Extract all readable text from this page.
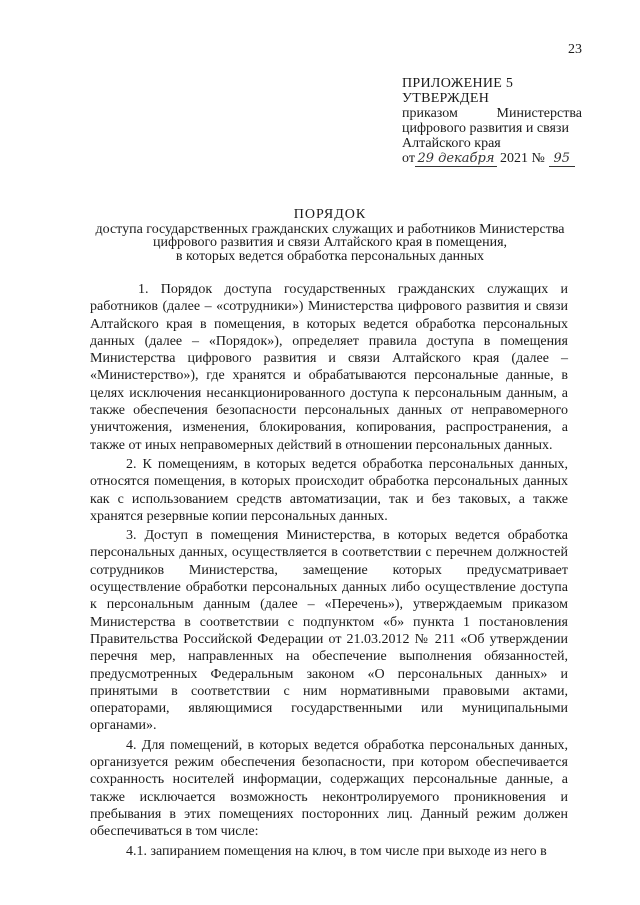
23
ПРИЛОЖЕНИЕ 5
УТВЕРЖДЕН
приказом Министерства
цифрового развития и связи
Алтайского края
от 29 декабря 2021 № 95
ПОРЯДОК
доступа государственных гражданских служащих и работников Министерства
цифрового развития и связи Алтайского края в помещения,
в которых ведется обработка персональных данных

1. Порядок доступа государственных гражданских служащих и работников (далее – «сотрудники») Министерства цифрового развития и связи Алтайского края в помещения, в которых ведется обработка персональных данных (далее – «Порядок»), определяет правила доступа в помещения Министерства цифрового развития и связи Алтайского края (далее – «Министерство»), где хранятся и обрабатываются персональные данные, в целях исключения несанкционированного доступа к персональным данным, а также обеспечения безопасности персональных данных от неправомерного уничтожения, изменения, блокирования, копирования, распространения, а также от иных неправомерных действий в отношении персональных данных.

2. К помещениям, в которых ведется обработка персональных данных, относятся помещения, в которых происходит обработка персональных данных как с использованием средств автоматизации, так и без таковых, а также хранятся резервные копии персональных данных.

3. Доступ в помещения Министерства, в которых ведется обработка персональных данных, осуществляется в соответствии с перечнем должностей сотрудников Министерства, замещение которых предусматривает осуществление обработки персональных данных либо осуществление доступа к персональным данным (далее – «Перечень»), утверждаемым приказом Министерства в соответствии с подпунктом «б» пункта 1 постановления Правительства Российской Федерации от 21.03.2012 № 211 «Об утверждении перечня мер, направленных на обеспечение выполнения обязанностей, предусмотренных Федеральным законом «О персональных данных» и принятыми в соответствии с ним нормативными правовыми актами, операторами, являющимися государственными или муниципальными органами».

4. Для помещений, в которых ведется обработка персональных данных, организуется режим обеспечения безопасности, при котором обеспечивается сохранность носителей информации, содержащих персональные данные, а также исключается возможность неконтролируемого проникновения и пребывания в этих помещениях посторонних лиц. Данный режим должен обеспечиваться в том числе:

4.1. запиранием помещения на ключ, в том числе при выходе из него в
